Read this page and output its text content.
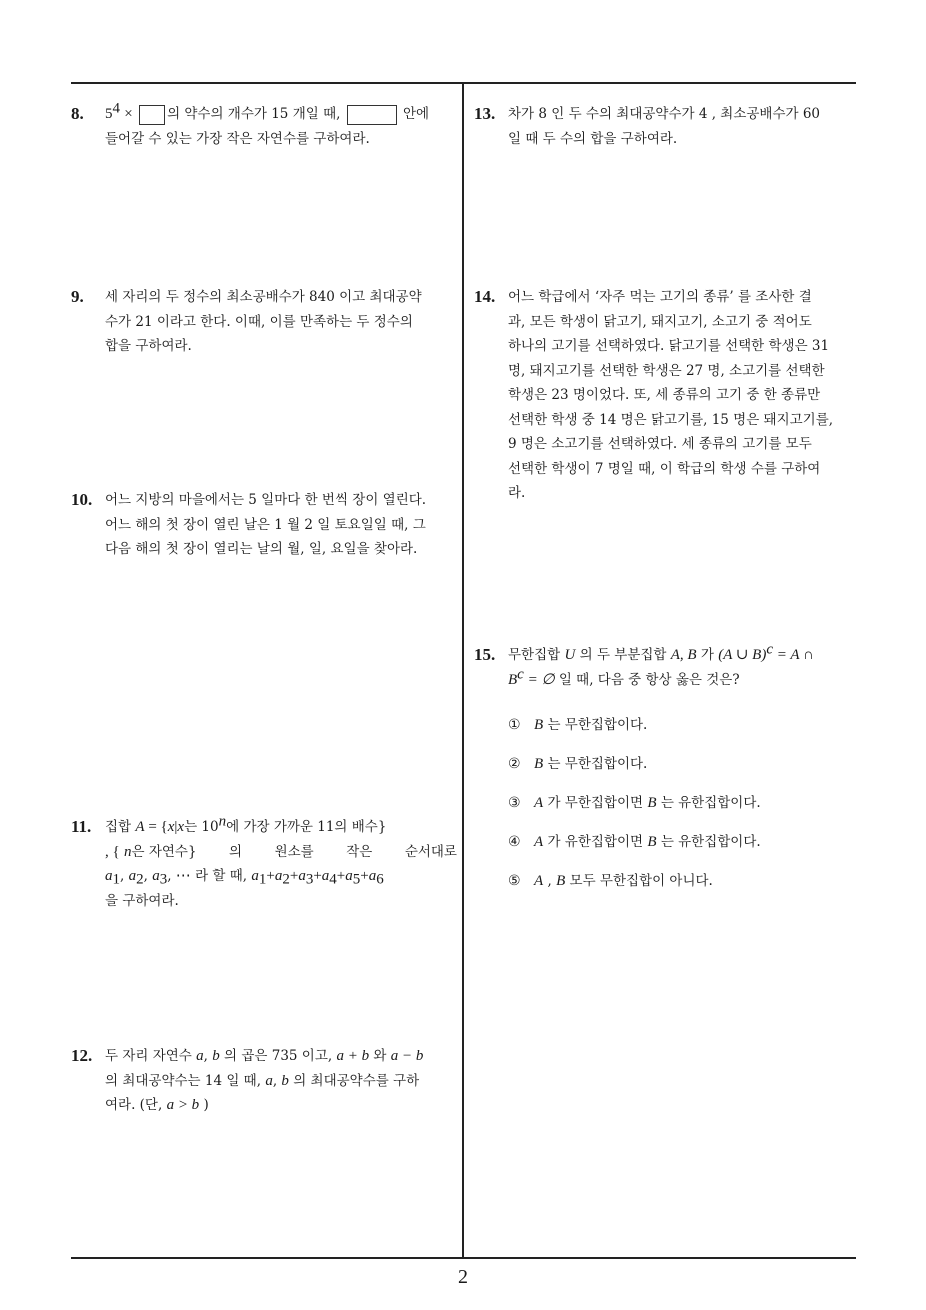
8. $5^4$ ×	의 약수의 개수가 15 개일 때,	안에
들어갈 수 있는 가장 작은 자연수를 구하여라.
9. 세 자리의 두 정수의 최소공배수가 840 이고 최대공약
수가 21 이라고 한다. 이때, 이를 만족하는 두 정수의
합을 구하여라.
10. 어느 지방의 마을에서는 5 일마다 한 번씩 장이 열린다.
어느 해의 첫 장이 열린 날은 1 월 2 일 토요일일 때, 그
다음 해의 첫 장이 열리는 날의 월, 일, 요일을 찾아라.
11. 집합 A = {x|x는 10$^n$에 가장 가까운 11의 배수}
, { n은 자연수} 의 원소를 작은 순서대로
$a_1$, $a_2$, $a_3$, ⋯ 라 할 때, $a_1+a_2+a_3+a_4+a_5+a_6$
을 구하여라.
12. 두 자리 자연수 a, b 의 곱은 735 이고, a + b 와 a − b
의 최대공약수는 14 일 때, a, b 의 최대공약수를 구하
여라. (단, a > b )
13. 차가 8 인 두 수의 최대공약수가 4 , 최소공배수가 60
일 때 두 수의 합을 구하여라.
14. 어느 학급에서 ‘자주 먹는 고기의 종류’ 를 조사한 결
과, 모든 학생이 닭고기, 돼지고기, 소고기 중 적어도
하나의 고기를 선택하였다. 닭고기를 선택한 학생은 31
명, 돼지고기를 선택한 학생은 27 명, 소고기를 선택한
학생은 23 명이었다. 또, 세 종류의 고기 중 한 종류만
선택한 학생 중 14 명은 닭고기를, 15 명은 돼지고기를,
9 명은 소고기를 선택하였다. 세 종류의 고기를 모두
선택한 학생이 7 명일 때, 이 학급의 학생 수를 구하여
라.
15. 무한집합 U 의 두 부분집합 A, B 가 (A ∪ B)$^c$ = A ∩
$B^c$ = ∅ 일 때, 다음 중 항상 옳은 것은?
① B 는 무한집합이다.
② B 는 무한집합이다.
③ A 가 무한집합이면 B 는 유한집합이다.
④ A 가 유한집합이면 B 는 유한집합이다.
⑤ A , B 모두 무한집합이 아니다.
2
